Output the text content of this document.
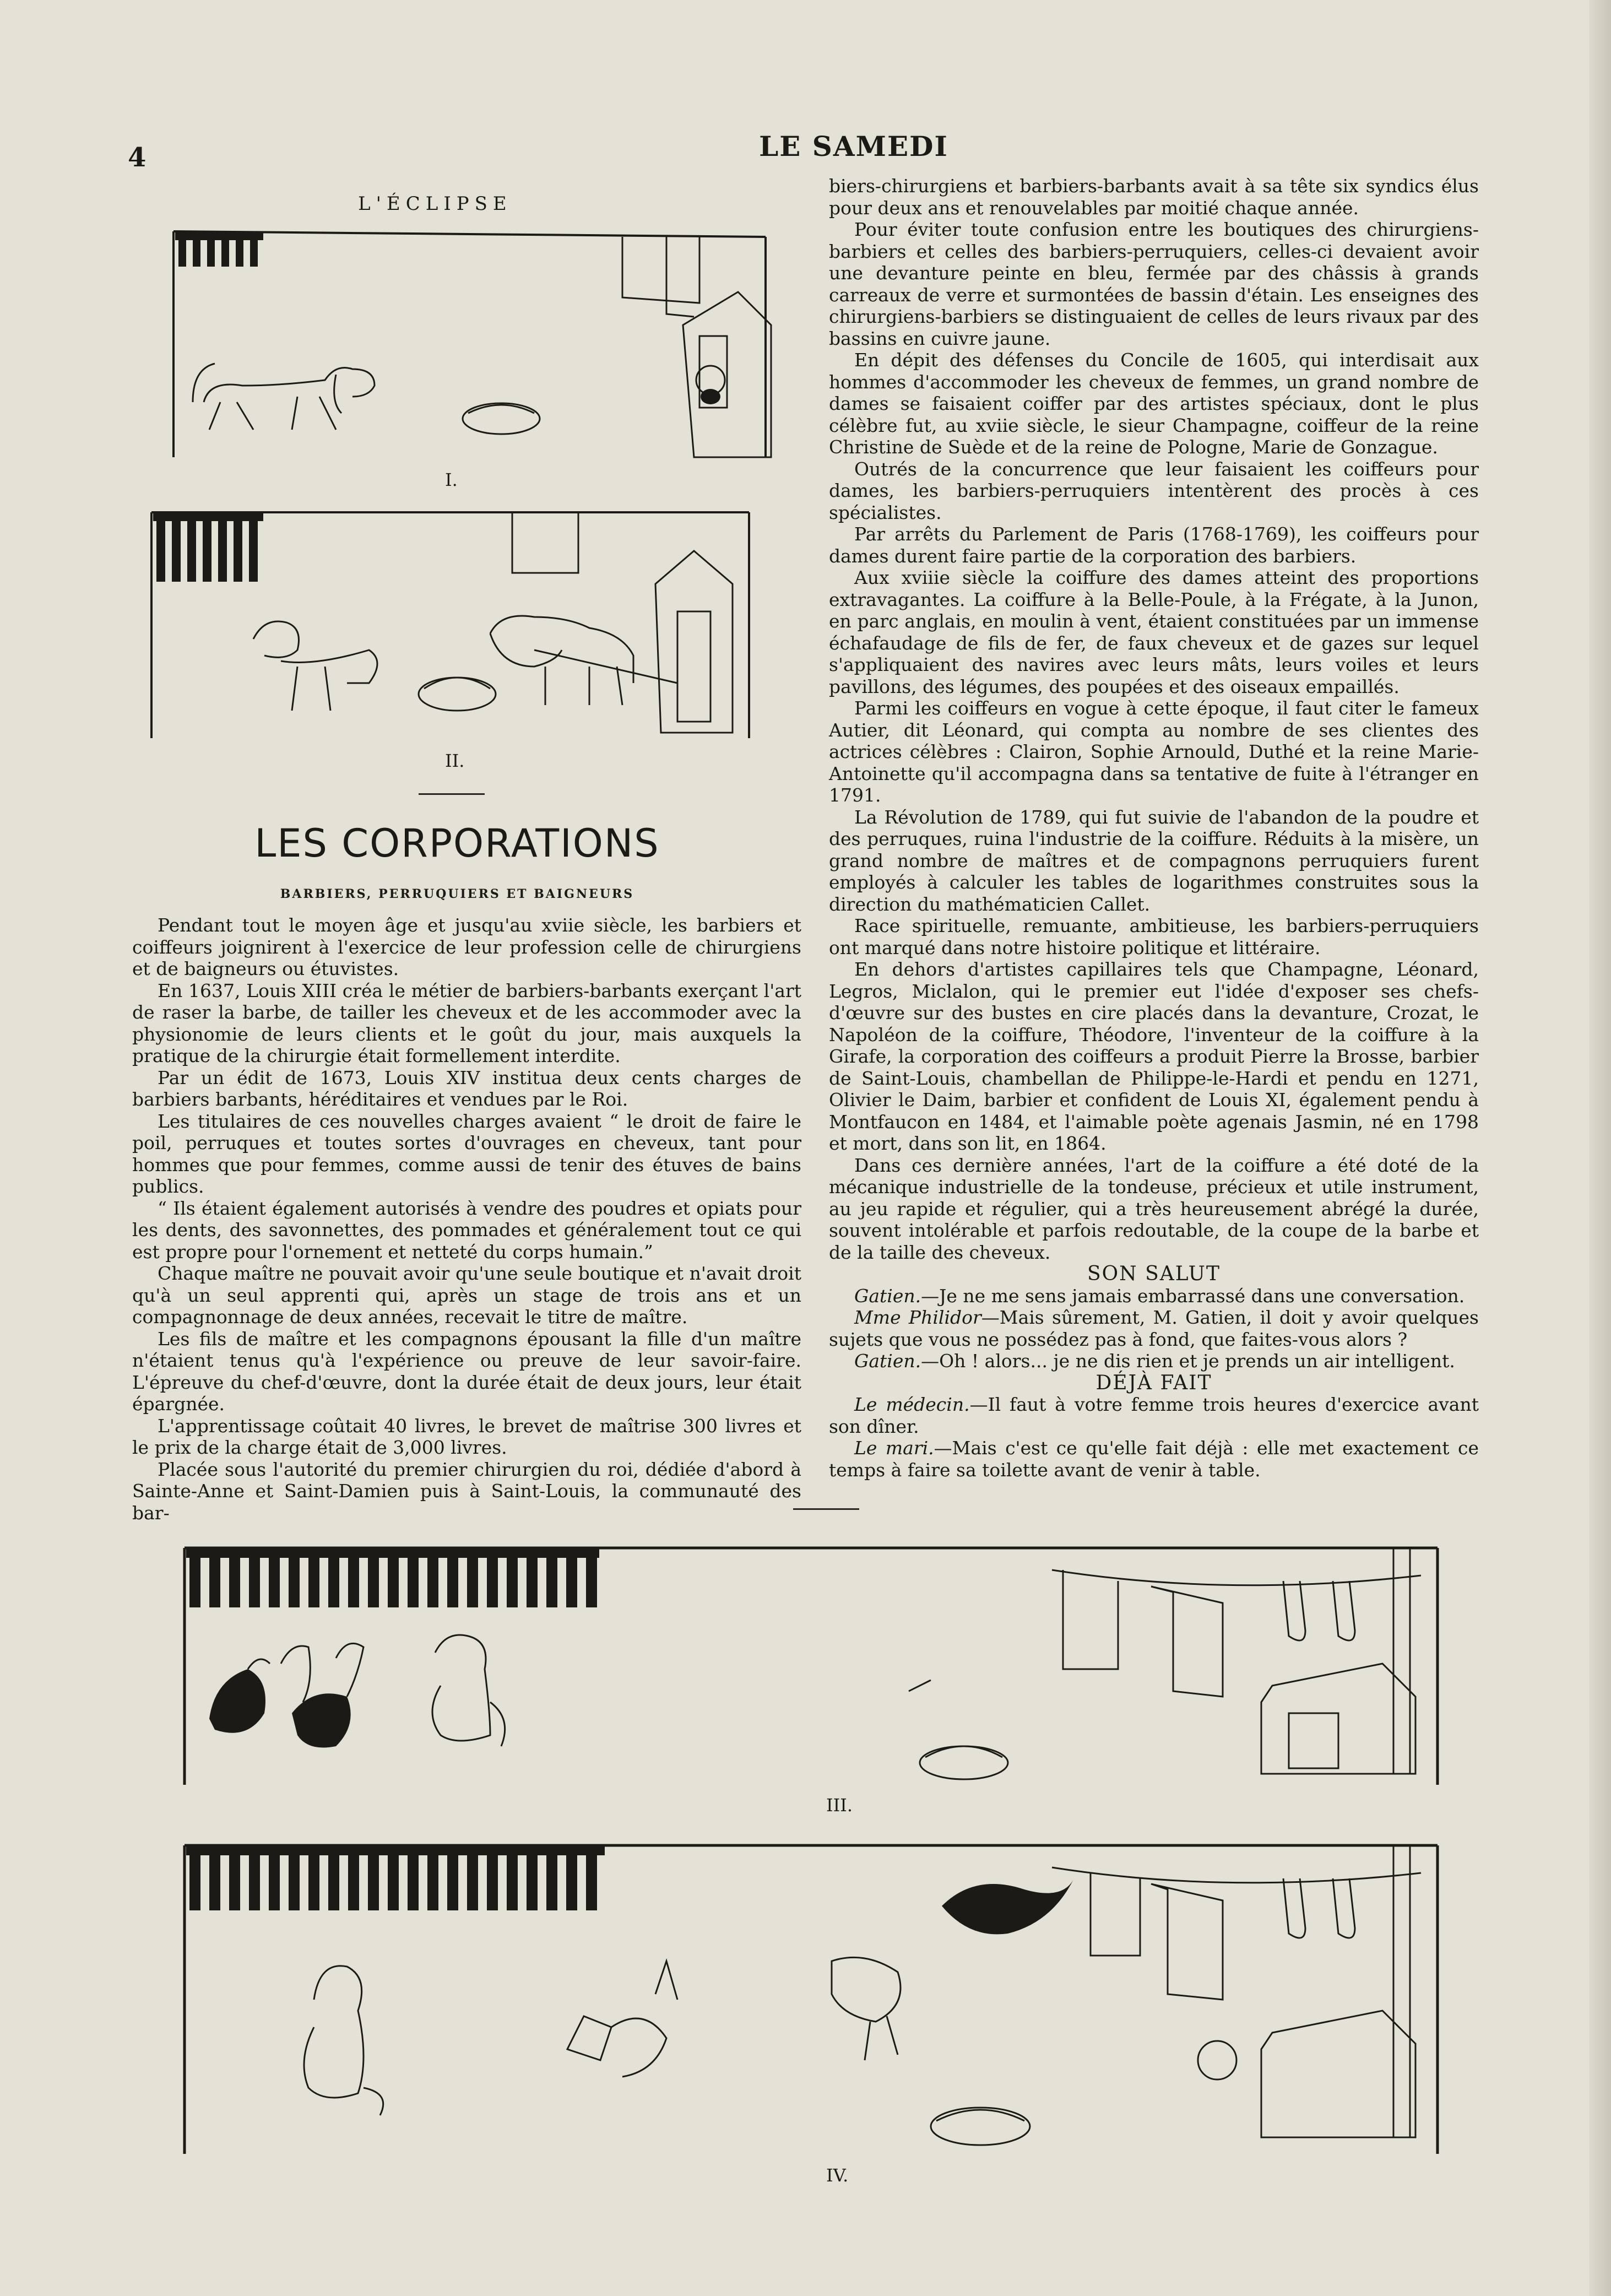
4	LE SAMEDI
L'ÉCLIPSE
I.
II.
LES CORPORATIONS
BARBIERS, PERRUQUIERS ET BAIGNEURS

Pendant tout le moyen âge et jusqu'au xviie siècle, les barbiers et coiffeurs joignirent à l'exercice de leur profession celle de chirurgiens et de baigneurs ou étuvistes.

En 1637, Louis XIII créa le métier de barbiers-barbants exerçant l'art de raser la barbe, de tailler les cheveux et de les accommoder avec la physionomie de leurs clients et le goût du jour, mais auxquels la pratique de la chirurgie était formellement interdite.

Par un édit de 1673, Louis XIV institua deux cents charges de barbiers barbants, héréditaires et vendues par le Roi.

Les titulaires de ces nouvelles charges avaient “ le droit de faire le poil, perruques et toutes sortes d'ouvrages en cheveux, tant pour hommes que pour femmes, comme aussi de tenir des étuves de bains publics.

“ Ils étaient également autorisés à vendre des poudres et opiats pour les dents, des savonnettes, des pommades et généralement tout ce qui est propre pour l'ornement et netteté du corps humain.”

Chaque maître ne pouvait avoir qu'une seule boutique et n'avait droit qu'à un seul apprenti qui, après un stage de trois ans et un compagnonnage de deux années, recevait le titre de maître.

Les fils de maître et les compagnons épousant la fille d'un maître n'étaient tenus qu'à l'expérience ou preuve de leur savoir-faire. L'épreuve du chef-d'œuvre, dont la durée était de deux jours, leur était épargnée.

L'apprentissage coûtait 40 livres, le brevet de maîtrise 300 livres et le prix de la charge était de 3,000 livres.

Placée sous l'autorité du premier chirurgien du roi, dédiée d'abord à Sainte-Anne et Saint-Damien puis à Saint-Louis, la communauté des bar-

biers-chirurgiens et barbiers-barbants avait à sa tête six syndics élus pour deux ans et renouvelables par moitié chaque année.

Pour éviter toute confusion entre les boutiques des chirurgiens-barbiers et celles des barbiers-perruquiers, celles-ci devaient avoir une devanture peinte en bleu, fermée par des châssis à grands carreaux de verre et surmontées de bassin d'étain. Les enseignes des chirurgiens-barbiers se distinguaient de celles de leurs rivaux par des bassins en cuivre jaune.

En dépit des défenses du Concile de 1605, qui interdisait aux hommes d'accommoder les cheveux de femmes, un grand nombre de dames se faisaient coiffer par des artistes spéciaux, dont le plus célèbre fut, au xviie siècle, le sieur Champagne, coiffeur de la reine Christine de Suède et de la reine de Pologne, Marie de Gonzague.

Outrés de la concurrence que leur faisaient les coiffeurs pour dames, les barbiers-perruquiers intentèrent des procès à ces spécialistes.

Par arrêts du Parlement de Paris (1768-1769), les coiffeurs pour dames durent faire partie de la corporation des barbiers.

Aux xviiie siècle la coiffure des dames atteint des proportions extravagantes. La coiffure à la Belle-Poule, à la Frégate, à la Junon, en parc anglais, en moulin à vent, étaient constituées par un immense échafaudage de fils de fer, de faux cheveux et de gazes sur lequel s'appliquaient des navires avec leurs mâts, leurs voiles et leurs pavillons, des légumes, des poupées et des oiseaux empaillés.

Parmi les coiffeurs en vogue à cette époque, il faut citer le fameux Autier, dit Léonard, qui compta au nombre de ses clientes des actrices célèbres : Clairon, Sophie Arnould, Duthé et la reine Marie-Antoinette qu'il accompagna dans sa tentative de fuite à l'étranger en 1791.

La Révolution de 1789, qui fut suivie de l'abandon de la poudre et des perruques, ruina l'industrie de la coiffure. Réduits à la misère, un grand nombre de maîtres et de compagnons perruquiers furent employés à calculer les tables de logarithmes construites sous la direction du mathématicien Callet.

Race spirituelle, remuante, ambitieuse, les barbiers-perruquiers ont marqué dans notre histoire politique et littéraire.

En dehors d'artistes capillaires tels que Champagne, Léonard, Legros, Miclalon, qui le premier eut l'idée d'exposer ses chefs-d'œuvre sur des bustes en cire placés dans la devanture, Crozat, le Napoléon de la coiffure, Théodore, l'inventeur de la coiffure à la Girafe, la corporation des coiffeurs a produit Pierre la Brosse, barbier de Saint-Louis, chambellan de Philippe-le-Hardi et pendu en 1271, Olivier le Daim, barbier et confident de Louis XI, également pendu à Montfaucon en 1484, et l'aimable poète agenais Jasmin, né en 1798 et mort, dans son lit, en 1864.

Dans ces dernière années, l'art de la coiffure a été doté de la mécanique industrielle de la tondeuse, précieux et utile instrument, au jeu rapide et régulier, qui a très heureusement abrégé la durée, souvent intolérable et parfois redoutable, de la coupe de la barbe et de la taille des cheveux.

SON SALUT

Gatien.—Je ne me sens jamais embarrassé dans une conversation.

Mme Philidor—Mais sûrement, M. Gatien, il doit y avoir quelques sujets que vous ne possédez pas à fond, que faites-vous alors ?

Gatien.—Oh ! alors... je ne dis rien et je prends un air intelligent.

DÉJÀ FAIT

Le médecin.—Il faut à votre femme trois heures d'exercice avant son dîner.

Le mari.—Mais c'est ce qu'elle fait déjà : elle met exactement ce temps à faire sa toilette avant de venir à table.

III.
IV.
